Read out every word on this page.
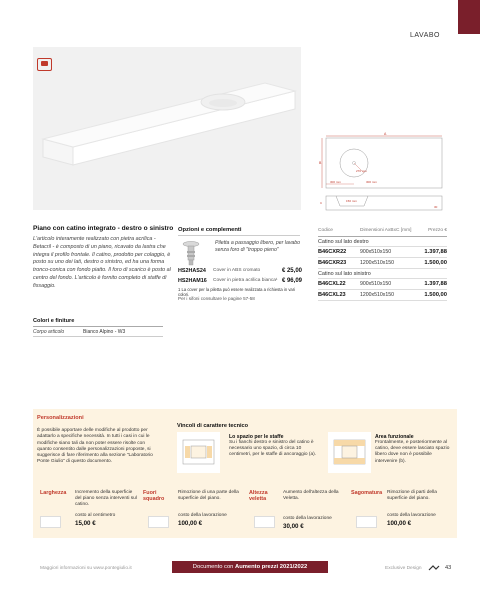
LAVABO
A
B
270 mm
300 mm	300 mm
150 mm
C
30
Piano con catino integrato - destro o sinistro
L'articolo interamente realizzato con pietra acrilica - Betacril - è composto di un piano, ricavato da lastra che integra il profilo frontale. Il catino, prodotto per colaggio, è posto su uno dei lati, destro o sinistro, ed ha una forma tronco-conica con fondo piatto. Il foro di scarico è posto al centro del fondo. L'articolo è fornito completo di staffe di fissaggio.
Opzioni e complementi
Piletta a passaggio libero, per lavabo senza foro di "troppo pieno"
HS2HAS24 Cover in ABS cromato	€ 25,00
HS2HAM16 Cover in pietra acrilica bianca¹ € 96,09
1 La cover per la piletta può essere realizzata a richiesta in vari colori.
Per i sifoni consultare le pagine 57-58
Codice	Dimensioni AxBxC [mm]	Prezzo €
Catino sul lato destro
B46CXR22	900x510x150	1.397,88
B46CXR23	1200x510x150	1.500,00
Catino sul lato sinistro
B46CXL22	900x510x150	1.397,88
B46CXL23	1200x510x150	1.500,00
Colori e finiture
Corpo articolo	Bianco Alpino - W3
Personalizzazioni
È possibile apportare delle modifiche al prodotto per adattarlo a specifiche necessità. In tutti i casi in cui le modifiche siano tali da non poter essere risolte con quanto consentito dalle personalizzazioni proposte, si suggerisce di fare riferimento alla sezione "Laboratorio Ponte Giulio" di questo documento.
Vincoli di carattere tecnico
Lo spazio per le staffe
Su i fianchi destro e sinistro del catino è necessario uno spazio, di circa 10 centimetri, per le staffe di ancoraggio (a).
Area funzionale
Frontalmente, e posteriormente al catino, deve essere lasciato spazio libero dove non è possibile intervenire (b).
Larghezza	Incremento della superficie del piano senza interventi sul catino.
costo al centimetro
15,00 €
Fuori squadro
Rimozione di una parte della superficie del piano.
costo della lavorazione
100,00 €
Altezza veletta
Aumento dell'altezza della Veletta.
costo della lavorazione
30,00 €
Sagomatura	Rimozione di parti della superficie del piano.
costo della lavorazione
100,00 €
Maggiori informazioni su www.pontegiulio.it	Documento con Aumento prezzi 2021/2022	Exclusive Design	43
